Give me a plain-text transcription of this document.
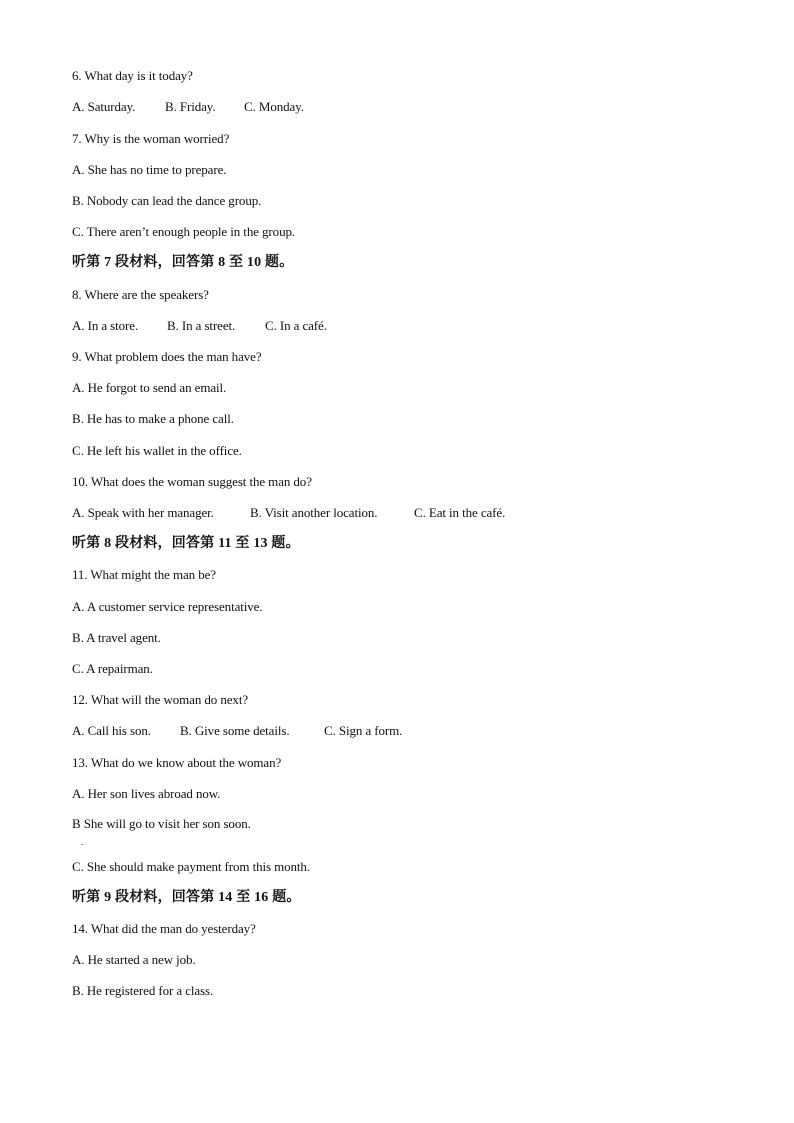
6. What day is it today?
A. Saturday. B. Friday. C. Monday.
7. Why is the woman worried?
A. She has no time to prepare.
B. Nobody can lead the dance group.
C. There aren’t enough people in the group.
听第 7 段材料，回答第 8 至 10 题。
8. Where are the speakers?
A. In a store. B. In a street. C. In a café.
9. What problem does the man have?
A. He forgot to send an email.
B. He has to make a phone call.
C. He left his wallet in the office.
10. What does the woman suggest the man do?
A. Speak with her manager.	B. Visit another location.	C. Eat in the café.
听第 8 段材料，回答第 11 至 13 题。
11. What might the man be?
A. A customer service representative.
B. A travel agent.
C. A repairman.
12. What will the woman do next?
A. Call his son. B. Give some details.	C. Sign a form.
13. What do we know about the woman?
A. Her son lives abroad now.
B She will go to visit her son soon.
.
C. She should make payment from this month.
听第 9 段材料，回答第 14 至 16 题。
14. What did the man do yesterday?
A. He started a new job.
B. He registered for a class.
